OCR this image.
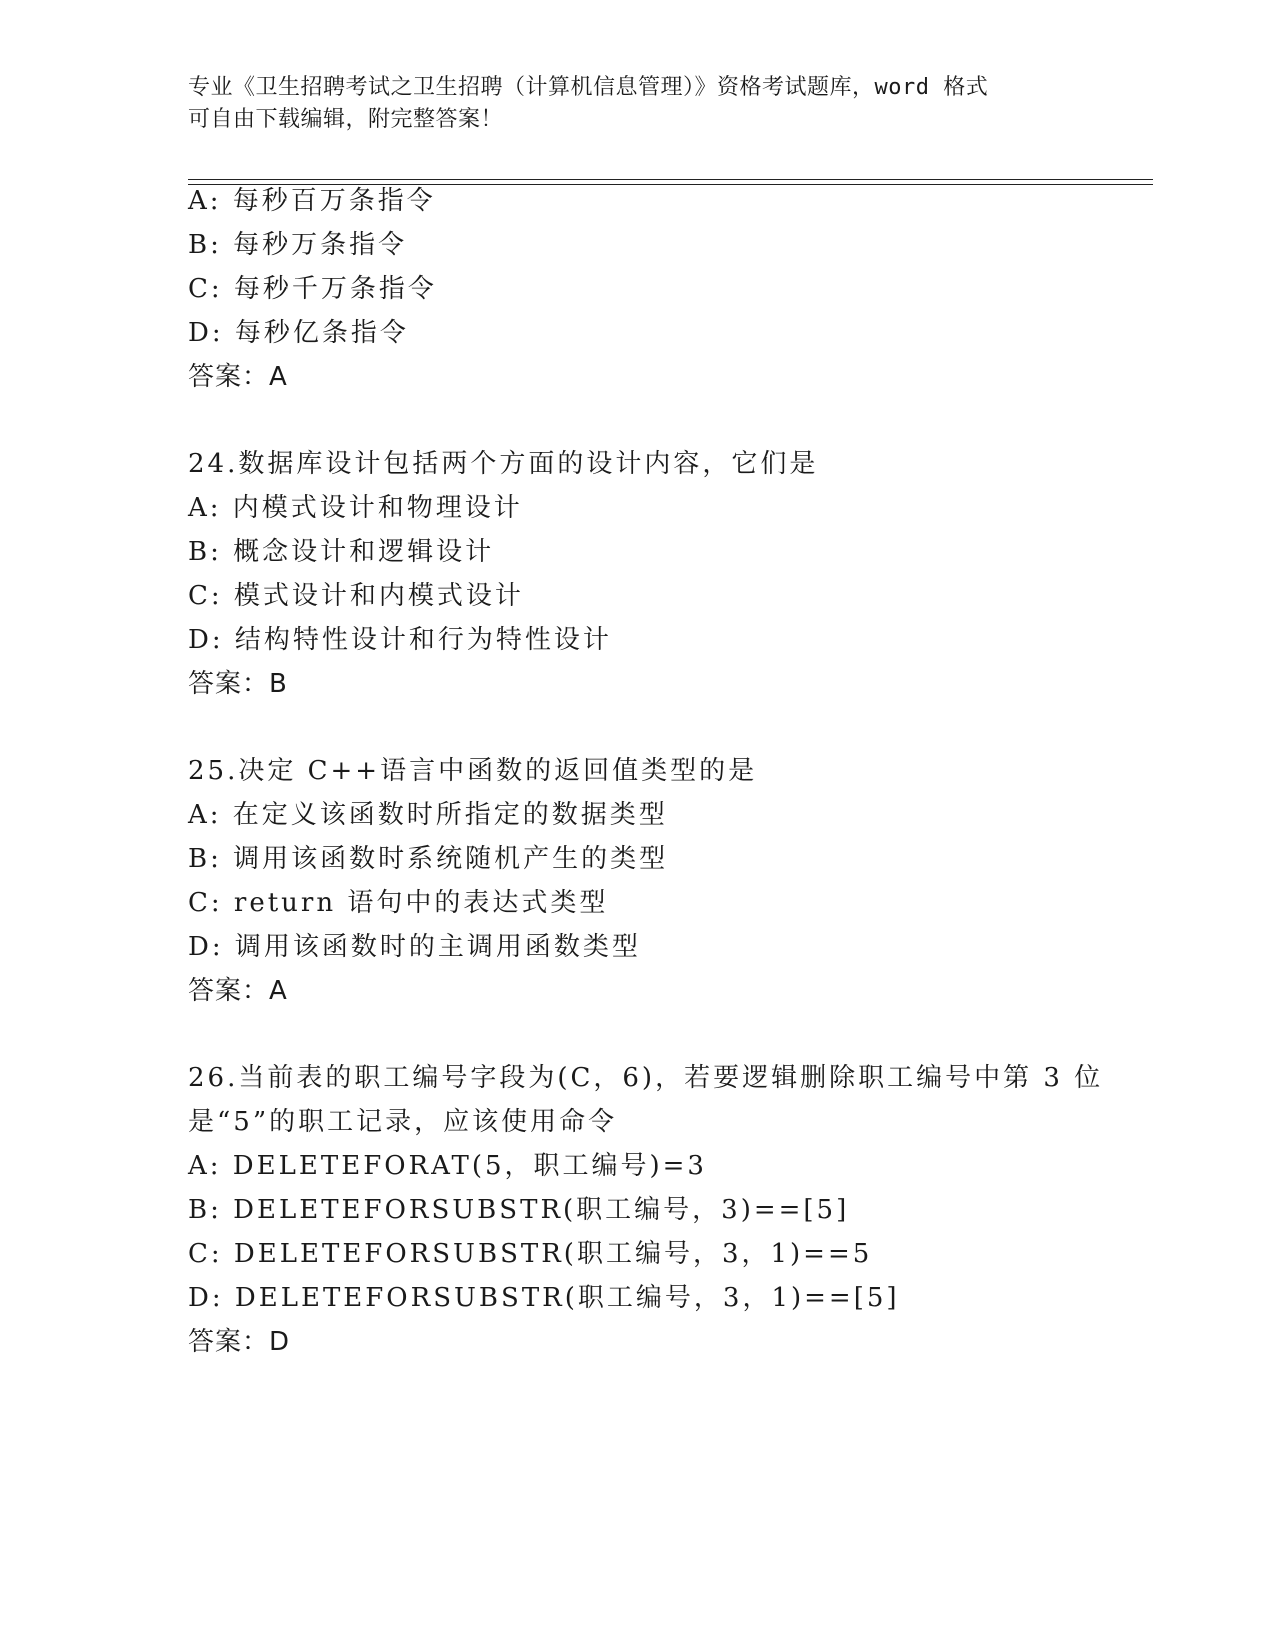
专业《卫生招聘考试之卫生招聘（计算机信息管理）》资格考试题库，word 格式
可自由下载编辑，附完整答案！
A: 每秒百万条指令
B: 每秒万条指令
C: 每秒千万条指令
D: 每秒亿条指令
答案：A
24.数据库设计包括两个方面的设计内容，它们是
A: 内模式设计和物理设计
B: 概念设计和逻辑设计
C: 模式设计和内模式设计
D: 结构特性设计和行为特性设计
答案：B
25.决定 C++语言中函数的返回值类型的是
A: 在定义该函数时所指定的数据类型
B: 调用该函数时系统随机产生的类型
C: return 语句中的表达式类型
D: 调用该函数时的主调用函数类型
答案：A
26.当前表的职工编号字段为(C，6)，若要逻辑删除职工编号中第 3 位
是“5”的职工记录，应该使用命令
A: DELETEFORAT(5，职工编号)=3
B: DELETEFORSUBSTR(职工编号，3)==[5]
C: DELETEFORSUBSTR(职工编号，3，1)==5
D: DELETEFORSUBSTR(职工编号，3，1)==[5]
答案：D
